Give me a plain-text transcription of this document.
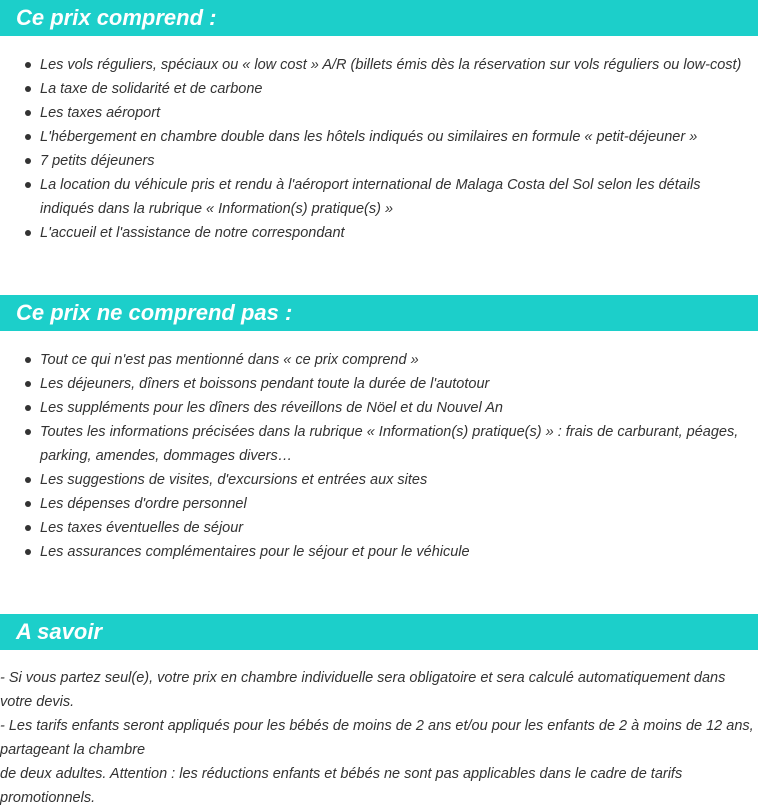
Ce prix comprend :
Les vols réguliers, spéciaux ou « low cost » A/R (billets émis dès la réservation sur vols réguliers ou low-cost)
La taxe de solidarité et de carbone
Les taxes aéroport
L'hébergement en chambre double dans les hôtels indiqués ou similaires en formule « petit-déjeuner »
7 petits déjeuners
La location du véhicule pris et rendu à l'aéroport international de Malaga Costa del Sol selon les détails indiqués dans la rubrique « Information(s) pratique(s) »
L'accueil et l'assistance de notre correspondant
Ce prix ne comprend pas :
Tout ce qui n'est pas mentionné dans « ce prix comprend »
Les déjeuners, dîners et boissons pendant toute la durée de l'autotour
Les suppléments pour les dîners des réveillons de Nöel et du Nouvel An
Toutes les informations précisées dans la rubrique « Information(s) pratique(s) » : frais de carburant, péages, parking, amendes, dommages divers…
Les suggestions de visites, d'excursions et entrées aux sites
Les dépenses d'ordre personnel
Les taxes éventuelles de séjour
Les assurances complémentaires pour le séjour et pour le véhicule
A savoir

- Si vous partez seul(e), votre prix en chambre individuelle sera obligatoire et sera calculé automatiquement dans votre devis.

- Les tarifs enfants seront appliqués pour les bébés de moins de 2 ans et/ou pour les enfants de 2 à moins de 12 ans, partageant la chambre

de deux adultes. Attention : les réductions enfants et bébés ne sont pas applicables dans le cadre de tarifs promotionnels.
